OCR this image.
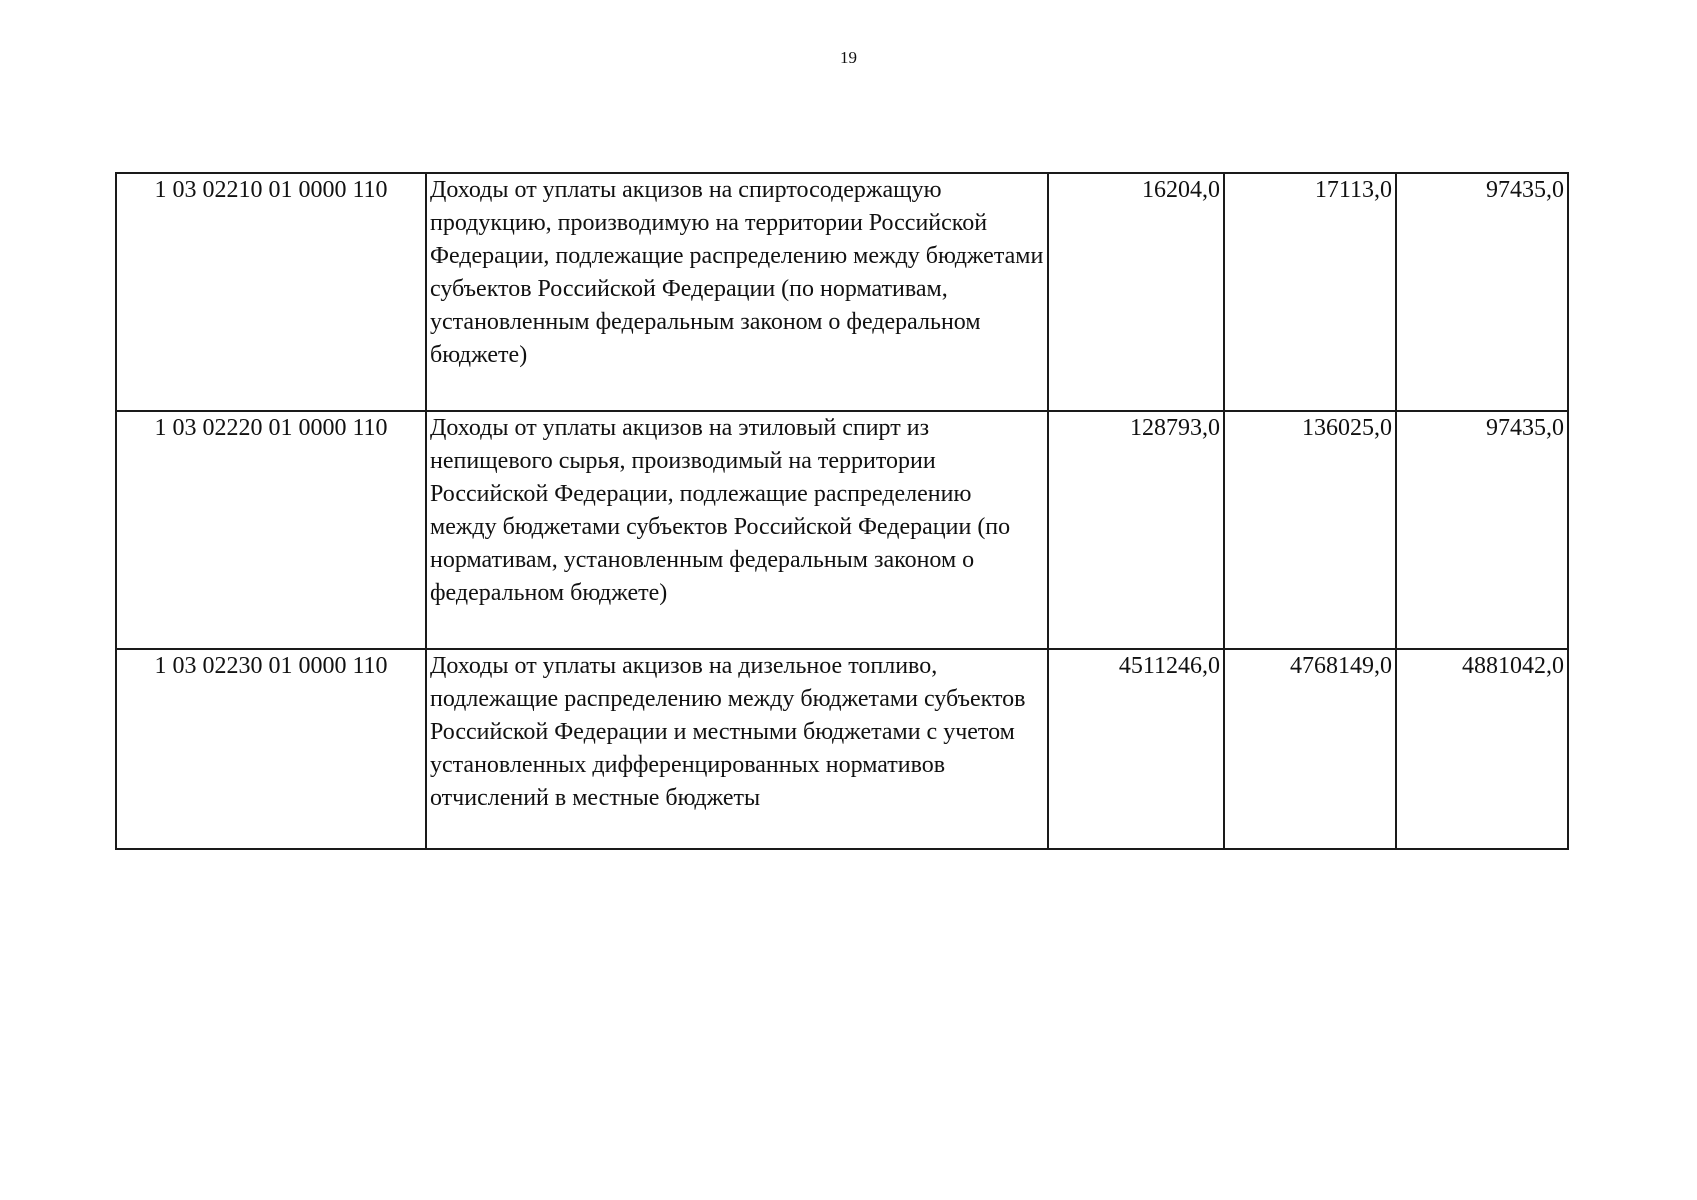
19
1 03 02210 01 0000 110	Доходы от уплаты акцизов на спиртосодержащую продукцию, производимую на территории Российской Федерации, подлежащие распределению между бюджетами субъектов Российской Федерации (по нормативам, установленным федеральным законом о федеральном бюджете)	16204,0	17113,0	97435,0
1 03 02220 01 0000 110	Доходы от уплаты акцизов на этиловый спирт из непищевого сырья, производимый на территории Российской Федерации, подлежащие распределению между бюджетами субъектов Российской Федерации (по нормативам, установленным федеральным законом о федеральном бюджете)	128793,0	136025,0	97435,0
1 03 02230 01 0000 110	Доходы от уплаты акцизов на дизельное топливо, подлежащие распределению между бюджетами субъектов Российской Федерации и местными бюджетами с учетом установленных дифференцированных нормативов отчислений в местные бюджеты	4511246,0	4768149,0	4881042,0
